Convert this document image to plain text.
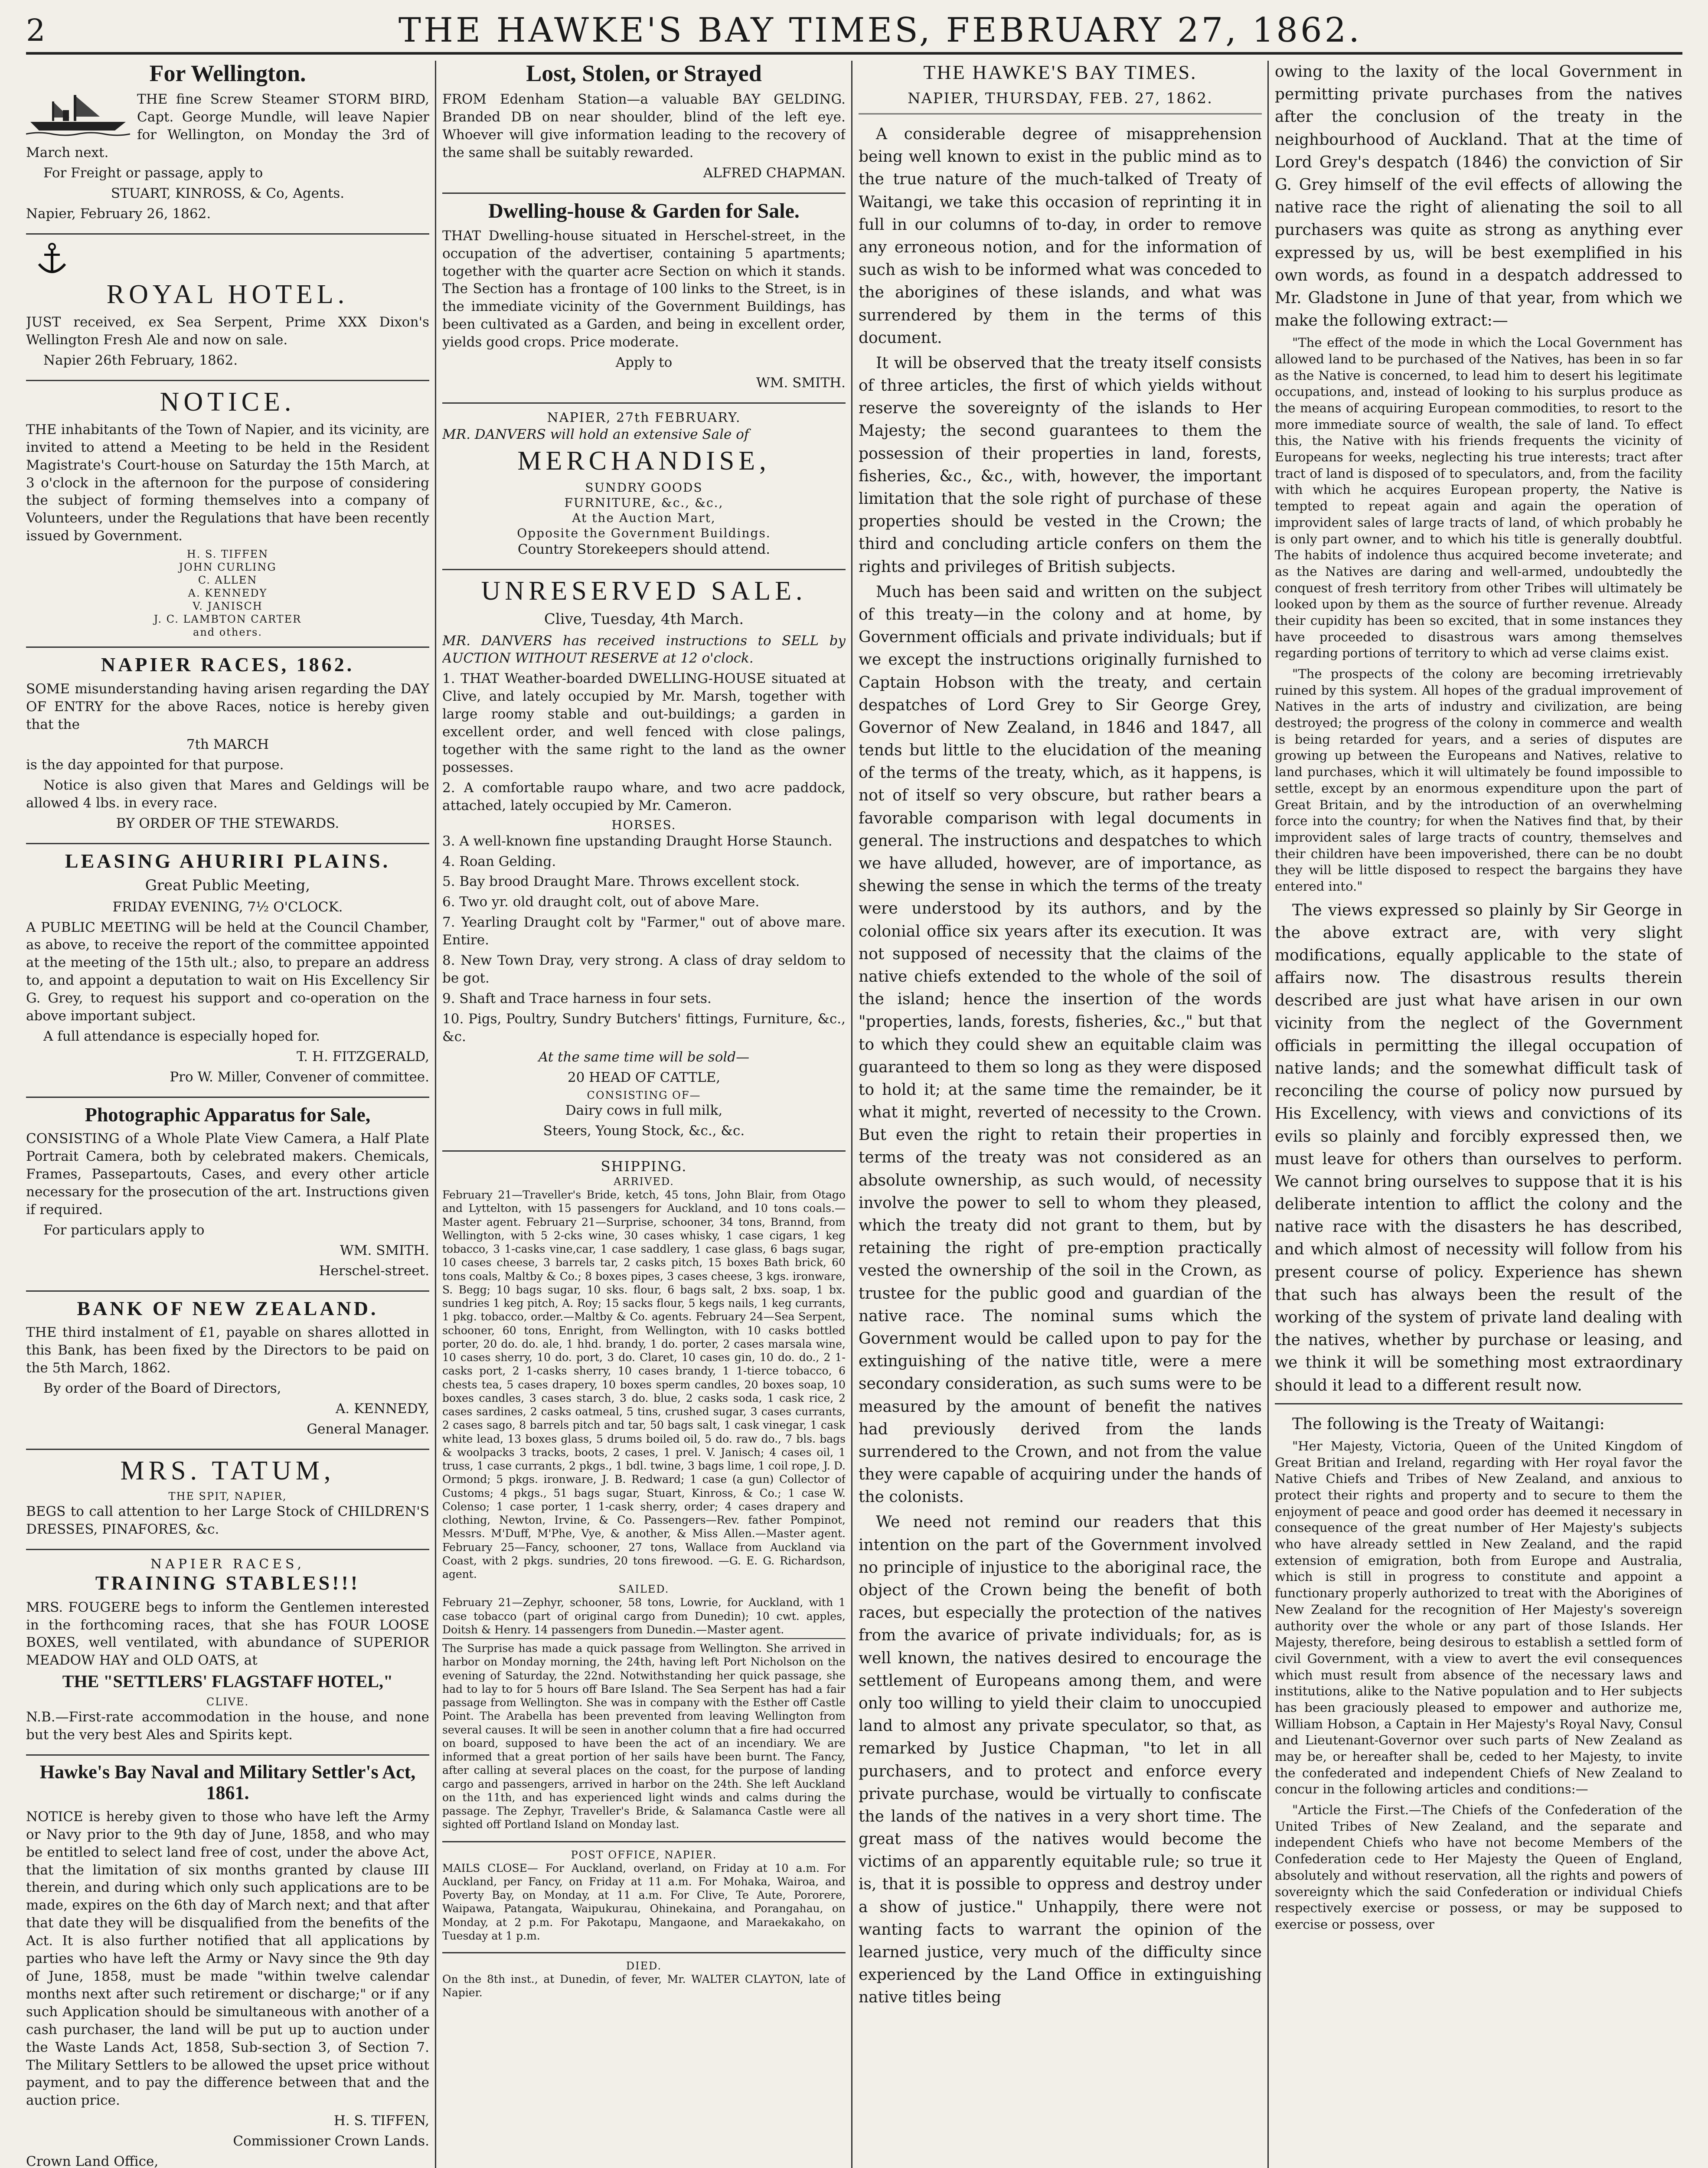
2	THE HAWKE'S BAY TIMES, FEBRUARY 27, 1862.
For Wellington.
THE fine Screw Steamer STORM BIRD, Capt. George Mundle, will leave Napier for Wellington, on Monday the 3rd of March next.
For Freight or passage, apply to
STUART, KINROSS, & Co, Agents.
Napier, February 26, 1862.
ROYAL HOTEL.
JUST received, ex Sea Serpent, Prime XXX Dixon's Wellington Fresh Ale and now on sale.
Napier 26th February, 1862.
NOTICE.
THE inhabitants of the Town of Napier, and its vicinity, are invited to attend a Meeting to be held in the Resident Magistrate's Court-house on Saturday the 15th March, at 3 o'clock in the afternoon for the purpose of considering the subject of forming themselves into a company of Volunteers, under the Regulations that have been recently issued by Government.
H. S. TIFFEN
JOHN CURLING
C. ALLEN
A. KENNEDY
V. JANISCH
J. C. LAMBTON CARTER
and others.
NAPIER RACES, 1862.
SOME misunderstanding having arisen regarding the DAY OF ENTRY for the above Races, notice is hereby given that the
7th MARCH
is the day appointed for that purpose.
Notice is also given that Mares and Geldings will be allowed 4 lbs. in every race.
BY ORDER OF THE STEWARDS.
LEASING AHURIRI PLAINS.
Great Public Meeting,
FRIDAY EVENING, 7½ O'CLOCK.
A PUBLIC MEETING will be held at the Council Chamber, as above, to receive the report of the committee appointed at the meeting of the 15th ult.; also, to prepare an address to, and appoint a deputation to wait on His Excellency Sir G. Grey, to request his support and co-operation on the above important subject.
A full attendance is especially hoped for.
T. H. FITZGERALD,
Pro W. Miller, Convener of committee.
Photographic Apparatus for Sale,
CONSISTING of a Whole Plate View Camera, a Half Plate Portrait Camera, both by celebrated makers. Chemicals, Frames, Passepartouts, Cases, and every other article necessary for the prosecution of the art. Instructions given if required.
For particulars apply to
WM. SMITH.
Herschel-street.
BANK OF NEW ZEALAND.
THE third instalment of £1, payable on shares allotted in this Bank, has been fixed by the Directors to be paid on the 5th March, 1862.
By order of the Board of Directors,
A. KENNEDY,
General Manager.
MRS. TATUM,
THE SPIT, NAPIER,
BEGS to call attention to her Large Stock of CHILDREN'S DRESSES, PINAFORES, &c.
NAPIER RACES,
TRAINING STABLES!!!
MRS. FOUGERE begs to inform the Gentlemen interested in the forthcoming races, that she has FOUR LOOSE BOXES, well ventilated, with abundance of SUPERIOR MEADOW HAY and OLD OATS, at
THE "SETTLERS' FLAGSTAFF HOTEL,"
CLIVE.
N.B.—First-rate accommodation in the house, and none but the very best Ales and Spirits kept.
Hawke's Bay Naval and Military Settler's Act, 1861.
NOTICE is hereby given to those who have left the Army or Navy prior to the 9th day of June, 1858, and who may be entitled to select land free of cost, under the above Act, that the limitation of six months granted by clause III therein, and during which only such applications are to be made, expires on the 6th day of March next; and that after that date they will be disqualified from the benefits of the Act. It is also further notified that all applications by parties who have left the Army or Navy since the 9th day of June, 1858, must be made "within twelve calendar months next after such retirement or discharge;" or if any such Application should be simultaneous with another of a cash purchaser, the land will be put up to auction under the Waste Lands Act, 1858, Sub-section 3, of Section 7. The Military Settlers to be allowed the upset price without payment, and to pay the difference between that and the auction price.
H. S. TIFFEN,
Commissioner Crown Lands.
Crown Land Office,
Lost, Stolen, or Strayed
FROM Edenham Station—a valuable BAY GELDING. Branded DB on near shoulder, blind of the left eye. Whoever will give information leading to the recovery of the same shall be suitably rewarded.
ALFRED CHAPMAN.
Dwelling-house & Garden for Sale.
THAT Dwelling-house situated in Herschel-street, in the occupation of the advertiser, containing 5 apartments; together with the quarter acre Section on which it stands. The Section has a frontage of 100 links to the Street, is in the immediate vicinity of the Government Buildings, has been cultivated as a Garden, and being in excellent order, yields good crops. Price moderate.
Apply to
WM. SMITH.
NAPIER, 27th FEBRUARY.
MR. DANVERS will hold an extensive Sale of
MERCHANDISE,
SUNDRY GOODS
FURNITURE, &c., &c.,
At the Auction Mart,
Opposite the Government Buildings.
Country Storekeepers should attend.
UNRESERVED SALE.
Clive, Tuesday, 4th March.
MR. DANVERS has received instructions to SELL by AUCTION WITHOUT RESERVE at 12 o'clock.
1. THAT Weather-boarded DWELLING-HOUSE situated at Clive, and lately occupied by Mr. Marsh, together with large roomy stable and out-buildings; a garden in excellent order, and well fenced with close palings, together with the same right to the land as the owner possesses.
2. A comfortable raupo whare, and two acre paddock, attached, lately occupied by Mr. Cameron.
HORSES.
3. A well-known fine upstanding Draught Horse Staunch.
4. Roan Gelding.
5. Bay brood Draught Mare. Throws excellent stock.
6. Two yr. old draught colt, out of above Mare.
7. Yearling Draught colt by "Farmer," out of above mare. Entire.
8. New Town Dray, very strong. A class of dray seldom to be got.
9. Shaft and Trace harness in four sets.
10. Pigs, Poultry, Sundry Butchers' fittings, Furniture, &c., &c.
At the same time will be sold—
20 HEAD OF CATTLE,
CONSISTING OF—
Dairy cows in full milk,
Steers, Young Stock, &c., &c.
SHIPPING.
ARRIVED.
February 21—Traveller's Bride, ketch, 45 tons, John Blair, from Otago and Lyttelton, with 15 passengers for Auckland, and 10 tons coals.—Master agent. February 21—Surprise, schooner, 34 tons, Brannd, from Wellington, with 5 2-cks wine, 30 cases whisky, 1 case cigars, 1 keg tobacco, 3 1-casks vine,car, 1 case saddlery, 1 case glass, 6 bags sugar, 10 cases cheese, 3 barrels tar, 2 casks pitch, 15 boxes Bath brick, 60 tons coals, Maltby & Co.; 8 boxes pipes, 3 cases cheese, 3 kgs. ironware, S. Begg; 10 bags sugar, 10 sks. flour, 6 bags salt, 2 bxs. soap, 1 bx. sundries 1 keg pitch, A. Roy; 15 sacks flour, 5 kegs nails, 1 keg currants, 1 pkg. tobacco, order.—Maltby & Co. agents. February 24—Sea Serpent, schooner, 60 tons, Enright, from Wellington, with 10 casks bottled porter, 20 do. do. ale, 1 hhd. brandy, 1 do. porter, 2 cases marsala wine, 10 cases sherry, 10 do. port, 3 do. Claret, 10 cases gin, 10 do. do., 2 1-casks port, 2 1-casks sherry, 10 cases brandy, 1 1-tierce tobacco, 6 chests tea, 5 cases drapery, 10 boxes sperm candles, 20 boxes soap, 10 boxes candles, 3 cases starch, 3 do. blue, 2 casks soda, 1 cask rice, 2 cases sardines, 2 casks oatmeal, 5 tins, crushed sugar, 3 cases currants, 2 cases sago, 8 barrels pitch and tar, 50 bags salt, 1 cask vinegar, 1 cask white lead, 13 boxes glass, 5 drums boiled oil, 5 do. raw do., 7 bls. bags & woolpacks 3 tracks, boots, 2 cases, 1 prel. V. Janisch; 4 cases oil, 1 truss, 1 case currants, 2 pkgs., 1 bdl. twine, 3 bags lime, 1 coil rope, J. D. Ormond; 5 pkgs. ironware, J. B. Redward; 1 case (a gun) Collector of Customs; 4 pkgs., 51 bags sugar, Stuart, Kinross, & Co.; 1 case W. Colenso; 1 case porter, 1 1-cask sherry, order; 4 cases drapery and clothing, Newton, Irvine, & Co. Passengers—Rev. father Pompinot, Messrs. M'Duff, M'Phe, Vye, & another, & Miss Allen.—Master agent. February 25—Fancy, schooner, 27 tons, Wallace from Auckland via Coast, with 2 pkgs. sundries, 20 tons firewood. —G. E. G. Richardson, agent.
SAILED.
February 21—Zephyr, schooner, 58 tons, Lowrie, for Auckland, with 1 case tobacco (part of original cargo from Dunedin); 10 cwt. apples, Doitsh & Henry. 14 passengers from Dunedin.—Master agent.
The Surprise has made a quick passage from Wellington. She arrived in harbor on Monday morning, the 24th, having left Port Nicholson on the evening of Saturday, the 22nd. Notwithstanding her quick passage, she had to lay to for 5 hours off Bare Island. The Sea Serpent has had a fair passage from Wellington. She was in company with the Esther off Castle Point. The Arabella has been prevented from leaving Wellington from several causes. It will be seen in another column that a fire had occurred on board, supposed to have been the act of an incendiary. We are informed that a great portion of her sails have been burnt. The Fancy, after calling at several places on the coast, for the purpose of landing cargo and passengers, arrived in harbor on the 24th. She left Auckland on the 11th, and has experienced light winds and calms during the passage. The Zephyr, Traveller's Bride, & Salamanca Castle were all sighted off Portland Island on Monday last.
POST OFFICE, NAPIER.
MAILS CLOSE— For Auckland, overland, on Friday at 10 a.m. For Auckland, per Fancy, on Friday at 11 a.m. For Mohaka, Wairoa, and Poverty Bay, on Monday, at 11 a.m. For Clive, Te Aute, Pororere, Waipawa, Patangata, Waipukurau, Ohinekaina, and Porangahau, on Monday, at 2 p.m. For Pakotapu, Mangaone, and Maraekakaho, on Tuesday at 1 p.m.
DIED.
On the 8th inst., at Dunedin, of fever, Mr. WALTER CLAYTON, late of Napier.
THE HAWKE'S BAY TIMES.
NAPIER, THURSDAY, FEB. 27, 1862.
A considerable degree of misapprehension being well known to exist in the public mind as to the true nature of the much-talked of Treaty of Waitangi, we take this occasion of reprinting it in full in our columns of to-day, in order to remove any erroneous notion, and for the information of such as wish to be informed what was conceded to the aborigines of these islands, and what was surrendered by them in the terms of this document.
It will be observed that the treaty itself consists of three articles, the first of which yields without reserve the sovereignty of the islands to Her Majesty; the second guarantees to them the possession of their properties in land, forests, fisheries, &c., &c., with, however, the important limitation that the sole right of purchase of these properties should be vested in the Crown; the third and concluding article confers on them the rights and privileges of British subjects.
Much has been said and written on the subject of this treaty—in the colony and at home, by Government officials and private individuals; but if we except the instructions originally furnished to Captain Hobson with the treaty, and certain despatches of Lord Grey to Sir George Grey, Governor of New Zealand, in 1846 and 1847, all tends but little to the elucidation of the meaning of the terms of the treaty, which, as it happens, is not of itself so very obscure, but rather bears a favorable comparison with legal documents in general. The instructions and despatches to which we have alluded, however, are of importance, as shewing the sense in which the terms of the treaty were understood by its authors, and by the colonial office six years after its execution. It was not supposed of necessity that the claims of the native chiefs extended to the whole of the soil of the island; hence the insertion of the words "properties, lands, forests, fisheries, &c.," but that to which they could shew an equitable claim was guaranteed to them so long as they were disposed to hold it; at the same time the remainder, be it what it might, reverted of necessity to the Crown. But even the right to retain their properties in terms of the treaty was not considered as an absolute ownership, as such would, of necessity involve the power to sell to whom they pleased, which the treaty did not grant to them, but by retaining the right of pre-emption practically vested the ownership of the soil in the Crown, as trustee for the public good and guardian of the native race. The nominal sums which the Government would be called upon to pay for the extinguishing of the native title, were a mere secondary consideration, as such sums were to be measured by the amount of benefit the natives had previously derived from the lands surrendered to the Crown, and not from the value they were capable of acquiring under the hands of the colonists.
We need not remind our readers that this intention on the part of the Government involved no principle of injustice to the aboriginal race, the object of the Crown being the benefit of both races, but especially the protection of the natives from the avarice of private individuals; for, as is well known, the natives desired to encourage the settlement of Europeans among them, and were only too willing to yield their claim to unoccupied land to almost any private speculator, so that, as remarked by Justice Chapman, "to let in all purchasers, and to protect and enforce every private purchase, would be virtually to confiscate the lands of the natives in a very short time. The great mass of the natives would become the victims of an apparently equitable rule; so true it is, that it is possible to oppress and destroy under a show of justice." Unhappily, there were not wanting facts to warrant the opinion of the learned justice, very much of the difficulty since experienced by the Land Office in extinguishing native titles being
owing to the laxity of the local Government in permitting private purchases from the natives after the conclusion of the treaty in the neighbourhood of Auckland. That at the time of Lord Grey's despatch (1846) the conviction of Sir G. Grey himself of the evil effects of allowing the native race the right of alienating the soil to all purchasers was quite as strong as anything ever expressed by us, will be best exemplified in his own words, as found in a despatch addressed to Mr. Gladstone in June of that year, from which we make the following extract:—
"The effect of the mode in which the Local Government has allowed land to be purchased of the Natives, has been in so far as the Native is concerned, to lead him to desert his legitimate occupations, and, instead of looking to his surplus produce as the means of acquiring European commodities, to resort to the more immediate source of wealth, the sale of land. To effect this, the Native with his friends frequents the vicinity of Europeans for weeks, neglecting his true interests; tract after tract of land is disposed of to speculators, and, from the facility with which he acquires European property, the Native is tempted to repeat again and again the operation of improvident sales of large tracts of land, of which probably he is only part owner, and to which his title is generally doubtful. The habits of indolence thus acquired become inveterate; and as the Natives are daring and well-armed, undoubtedly the conquest of fresh territory from other Tribes will ultimately be looked upon by them as the source of further revenue. Already their cupidity has been so excited, that in some instances they have proceeded to disastrous wars among themselves regarding portions of territory to which ad verse claims exist.
"The prospects of the colony are becoming irretrievably ruined by this system. All hopes of the gradual improvement of Natives in the arts of industry and civilization, are being destroyed; the progress of the colony in commerce and wealth is being retarded for years, and a series of disputes are growing up between the Europeans and Natives, relative to land purchases, which it will ultimately be found impossible to settle, except by an enormous expenditure upon the part of Great Britain, and by the introduction of an overwhelming force into the country; for when the Natives find that, by their improvident sales of large tracts of country, themselves and their children have been impoverished, there can be no doubt they will be little disposed to respect the bargains they have entered into."
The views expressed so plainly by Sir George in the above extract are, with very slight modifications, equally applicable to the state of affairs now. The disastrous results therein described are just what have arisen in our own vicinity from the neglect of the Government officials in permitting the illegal occupation of native lands; and the somewhat difficult task of reconciling the course of policy now pursued by His Excellency, with views and convictions of its evils so plainly and forcibly expressed then, we must leave for others than ourselves to perform. We cannot bring ourselves to suppose that it is his deliberate intention to afflict the colony and the native race with the disasters he has described, and which almost of necessity will follow from his present course of policy. Experience has shewn that such has always been the result of the working of the system of private land dealing with the natives, whether by purchase or leasing, and we think it will be something most extraordinary should it lead to a different result now.
The following is the Treaty of Waitangi:
"Her Majesty, Victoria, Queen of the United Kingdom of Great Britian and Ireland, regarding with Her royal favor the Native Chiefs and Tribes of New Zealand, and anxious to protect their rights and property and to secure to them the enjoyment of peace and good order has deemed it necessary in consequence of the great number of Her Majesty's subjects who have already settled in New Zealand, and the rapid extension of emigration, both from Europe and Australia, which is still in progress to constitute and appoint a functionary properly authorized to treat with the Aborigines of New Zealand for the recognition of Her Majesty's sovereign authority over the whole or any part of those Islands. Her Majesty, therefore, being desirous to establish a settled form of civil Government, with a view to avert the evil consequences which must result from absence of the necessary laws and institutions, alike to the Native population and to Her subjects has been graciously pleased to empower and authorize me, William Hobson, a Captain in Her Majesty's Royal Navy, Consul and Lieutenant-Governor over such parts of New Zealand as may be, or hereafter shall be, ceded to her Majesty, to invite the confederated and independent Chiefs of New Zealand to concur in the following articles and conditions:—
"Article the First.—The Chiefs of the Confederation of the United Tribes of New Zealand, and the separate and independent Chiefs who have not become Members of the Confederation cede to Her Majesty the Queen of England, absolutely and without reservation, all the rights and powers of sovereignty which the said Confederation or individual Chiefs respectively exercise or possess, or may be supposed to exercise or possess, over
